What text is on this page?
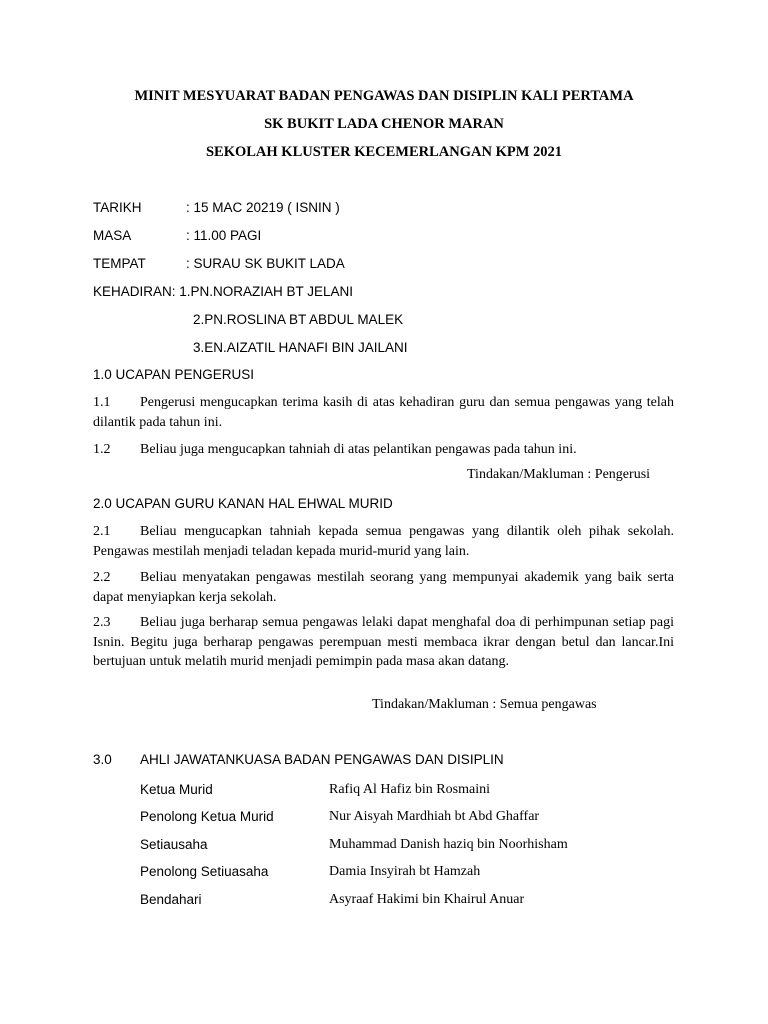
MINIT MESYUARAT BADAN PENGAWAS DAN DISIPLIN KALI PERTAMA
SK BUKIT LADA CHENOR MARAN
SEKOLAH KLUSTER KECEMERLANGAN KPM 2021
TARIKH	: 15 MAC 20219 ( ISNIN )
MASA	: 11.00 PAGI
TEMPAT	: SURAU SK BUKIT LADA
KEHADIRAN: 1.PN.NORAZIAH BT JELANI
2.PN.ROSLINA BT ABDUL MALEK
3.EN.AIZATIL HANAFI BIN JAILANI
1.0 UCAPAN PENGERUSI
1.1 Pengerusi mengucapkan terima kasih di atas kehadiran guru dan semua pengawas yang telah dilantik pada tahun ini.
1.2 Beliau juga mengucapkan tahniah di atas pelantikan pengawas pada tahun ini.
Tindakan/Makluman : Pengerusi
2.0 UCAPAN GURU KANAN HAL EHWAL MURID
2.1 Beliau mengucapkan tahniah kepada semua pengawas yang dilantik oleh pihak sekolah. Pengawas mestilah menjadi teladan kepada murid-murid yang lain.
2.2 Beliau menyatakan pengawas mestilah seorang yang mempunyai akademik yang baik serta dapat menyiapkan kerja sekolah.
2.3 Beliau juga berharap semua pengawas lelaki dapat menghafal doa di perhimpunan setiap pagi Isnin. Begitu juga berharap pengawas perempuan mesti membaca ikrar dengan betul dan lancar.Ini bertujuan untuk melatih murid menjadi pemimpin pada masa akan datang.
Tindakan/Makluman : Semua pengawas
3.0 AHLI JAWATANKUASA BADAN PENGAWAS DAN DISIPLIN
Ketua Murid	Rafiq Al Hafiz bin Rosmaini
Penolong Ketua Murid	Nur Aisyah Mardhiah bt Abd Ghaffar
Setiausaha	Muhammad Danish haziq bin Noorhisham
Penolong Setiuasaha	Damia Insyirah bt Hamzah
Bendahari	Asyraaf Hakimi bin Khairul Anuar
